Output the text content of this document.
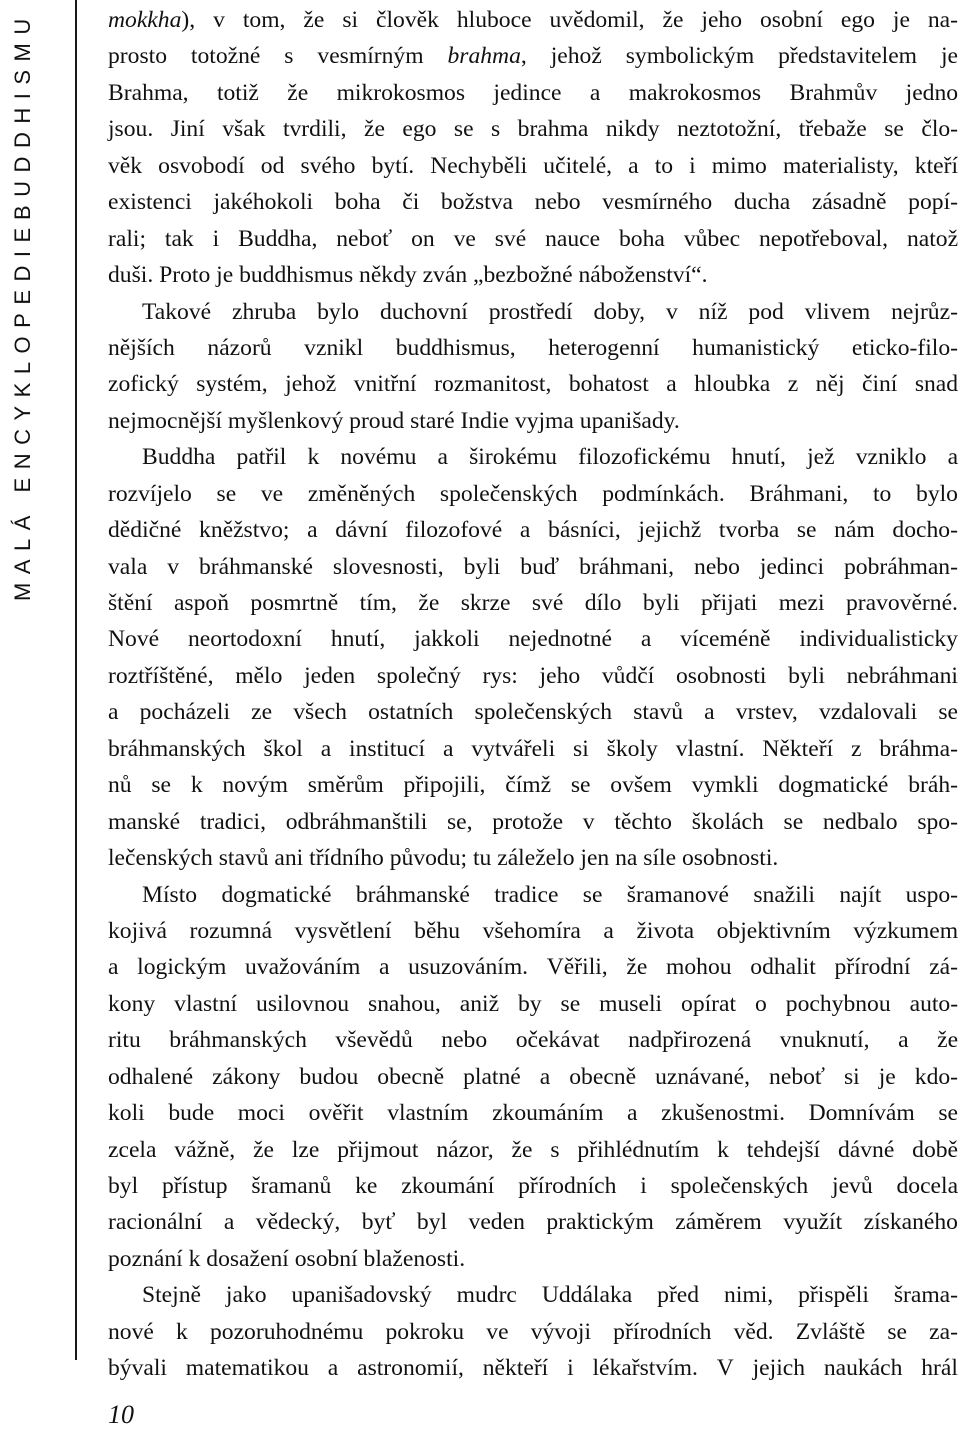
MALÁ ENCYKLOPEDIE
BUDDHISMU	mokkha ),
v
tom,
že
si
člověk
hluboce
uvědomil,
že
jeho
osobní
ego
je
na-
prosto
totožné
s
vesmírným
brahma ,
jehož
symbolickým
představitelem
je
Brahma,
totiž
že
mikrokosmos
jedince
a
makrokosmos
Brahmův
jedno
jsou.
Jiní
však
tvrdili,
že
ego
se
s
brahma
nikdy
neztotožní,
třebaže
se
člo-
věk
osvobodí
od
svého
bytí.
Nechyběli
učitelé,
a
to
i
mimo
materialisty,
kteří
existenci
jakéhokoli
boha
či
božstva
nebo
vesmírného
ducha
zásadně
popí-
rali;
tak
i
Buddha,
neboť
on
ve
své
nauce
boha
vůbec
nepotřeboval,
natož
duši. Proto je buddhismus někdy zván „bezbožné náboženství“.
Takové
zhruba
bylo
duchovní
prostředí
doby,
v
níž
pod
vlivem
nejrůz-
nějších
názorů
vznikl
buddhismus,
heterogenní
humanistický
eticko-filo-
zofický
systém,
jehož
vnitřní
rozmanitost,
bohatost
a
hloubka
z
něj
činí
snad
nejmocnější myšlenkový proud staré Indie vyjma upanišady.
Buddha
patřil
k
novému
a
širokému
filozofickému
hnutí,
jež
vzniklo
a
rozvíjelo
se
ve
změněných
společenských
podmínkách.
Bráhmani,
to
bylo
dědičné
kněžstvo;
a
dávní
filozofové
a
básníci,
jejichž
tvorba
se
nám
docho-
vala
v
bráhmanské
slovesnosti,
byli
buď
bráhmani,
nebo
jedinci
pobráhman-
štění
aspoň
posmrtně
tím,
že
skrze
své
dílo
byli
přijati
mezi
pravověrné.
Nové
neortodoxní
hnutí,
jakkoli
nejednotné
a
víceméně
individualisticky
roztříštěné,
mělo
jeden
společný
rys:
jeho
vůdčí
osobnosti
byli
nebráhmani
a
pocházeli
ze
všech
ostatních
společenských
stavů
a
vrstev,
vzdalovali
se
bráhmanských
škol
a
institucí
a
vytvářeli
si
školy
vlastní.
Někteří
z
bráhma-
nů
se
k
novým
směrům
připojili,
čímž
se
ovšem
vymkli
dogmatické
bráh-
manské
tradici,
odbráhmanštili
se,
protože
v
těchto
školách
se
nedbalo
spo-
lečenských stavů ani třídního původu; tu záleželo jen na síle osobnosti.
Místo
dogmatické
bráhmanské
tradice
se
šramanové
snažili
najít
uspo-
kojivá
rozumná
vysvětlení
běhu
všehomíra
a
života
objektivním
výzkumem
a
logickým
uvažováním
a
usuzováním.
Věřili,
že
mohou
odhalit
přírodní
zá-
kony
vlastní
usilovnou
snahou,
aniž
by
se
museli
opírat
o
pochybnou
auto-
ritu
bráhmanských
vševědů
nebo
očekávat
nadpřirozená
vnuknutí,
a
že
odhalené
zákony
budou
obecně
platné
a
obecně
uznávané,
neboť
si
je
kdo-
koli
bude
moci
ověřit
vlastním
zkoumáním
a
zkušenostmi.
Domnívám
se
zcela
vážně,
že
lze
přijmout
názor,
že
s
přihlédnutím
k
tehdejší
dávné
době
byl
přístup
šramanů
ke
zkoumání
přírodních
i
společenských
jevů
docela
racionální
a
vědecký,
byť
byl
veden
praktickým
záměrem
využít
získaného
poznání k dosažení osobní blaženosti.
Stejně
jako
upanišadovský
mudrc
Uddálaka
před
nimi,
přispěli
šrama-
nové
k
pozoruhodnému
pokroku
ve
vývoji
přírodních
věd.
Zvláště
se
za-
bývali
matematikou
a
astronomií,
někteří
i
lékařstvím.
V
jejich
naukách
hrál
10
